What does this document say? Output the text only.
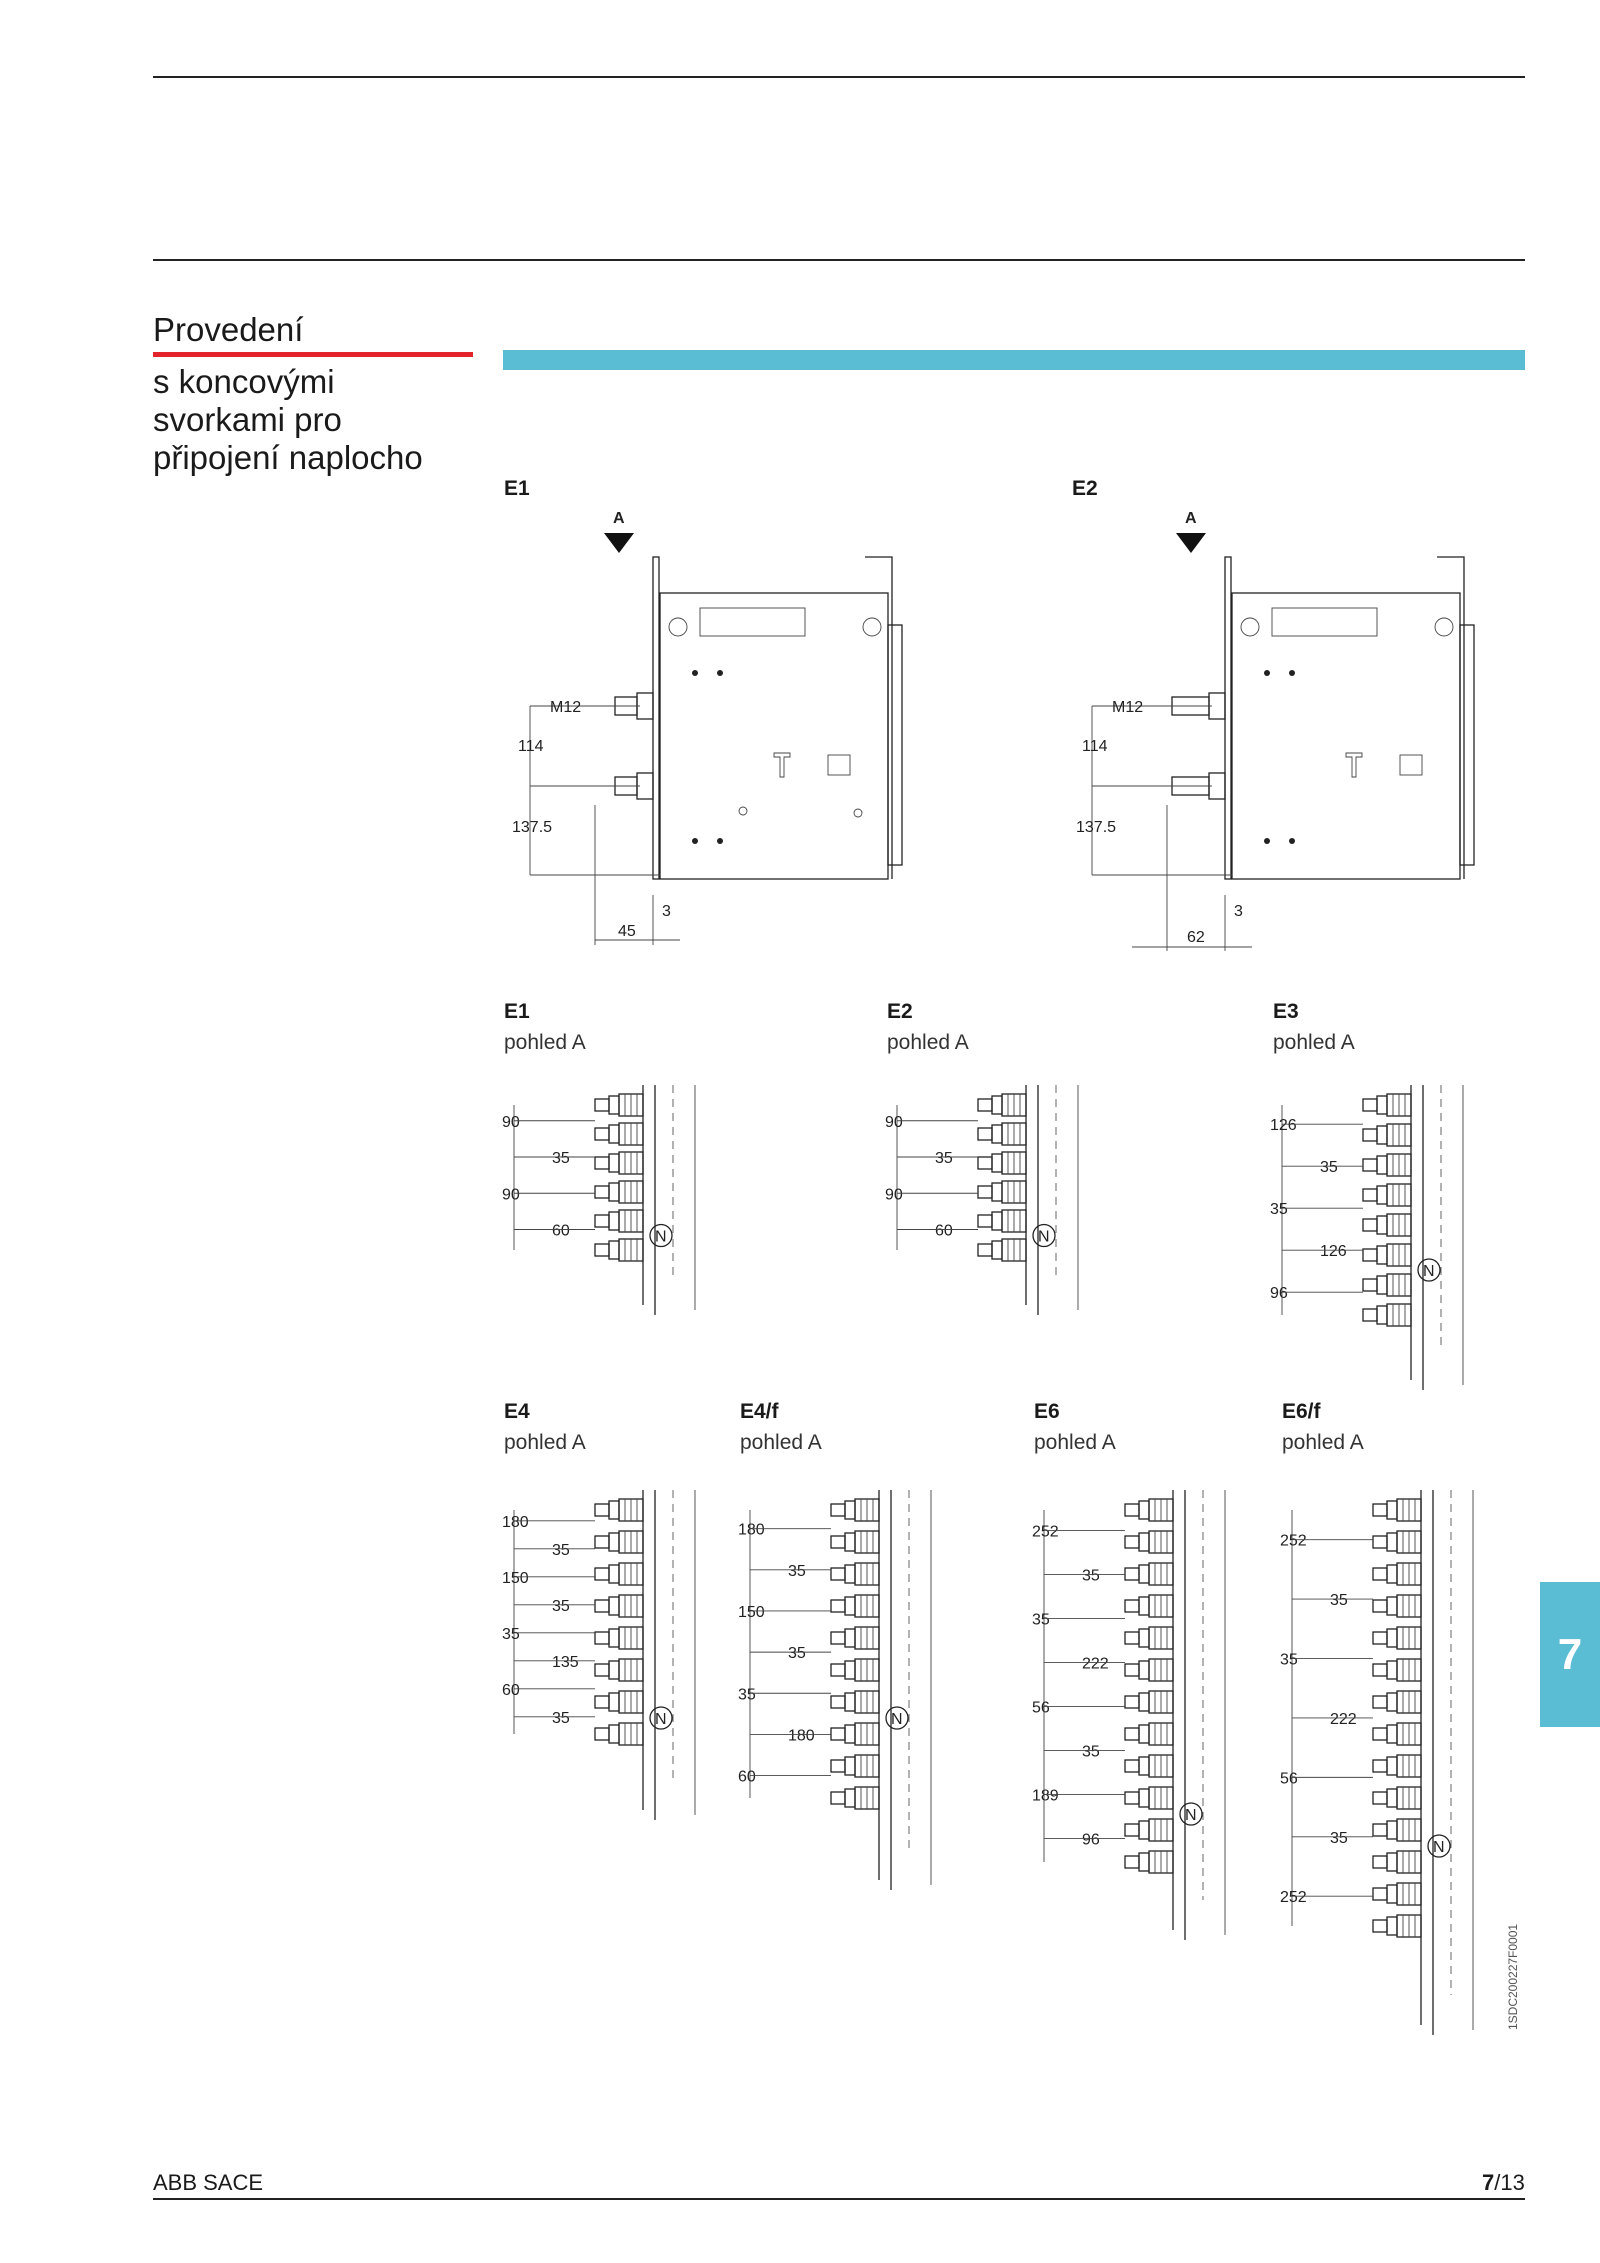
Provedení
s koncovými
svorkami pro
připojení naplocho
E1	E2
A
M12
114
137.5
45
3
A
M12
114
137.5
62
3
E1
pohled A
E2
pohled A
E3
pohled A
E4
pohled A
E4/f
pohled A
E6
pohled A
E6/f
pohled A
N
90
35
90
60	N
90
35
90
60
N
126
35
35
126
96
N
180
35
150
35
35
135
60
35	N
180
35
150
35
35
180
60
N
252
35
35
222
56
35
189
96	N
252
35
35
222
56
35
252
7
1SDC200227F0001
ABB SACE	7/13
